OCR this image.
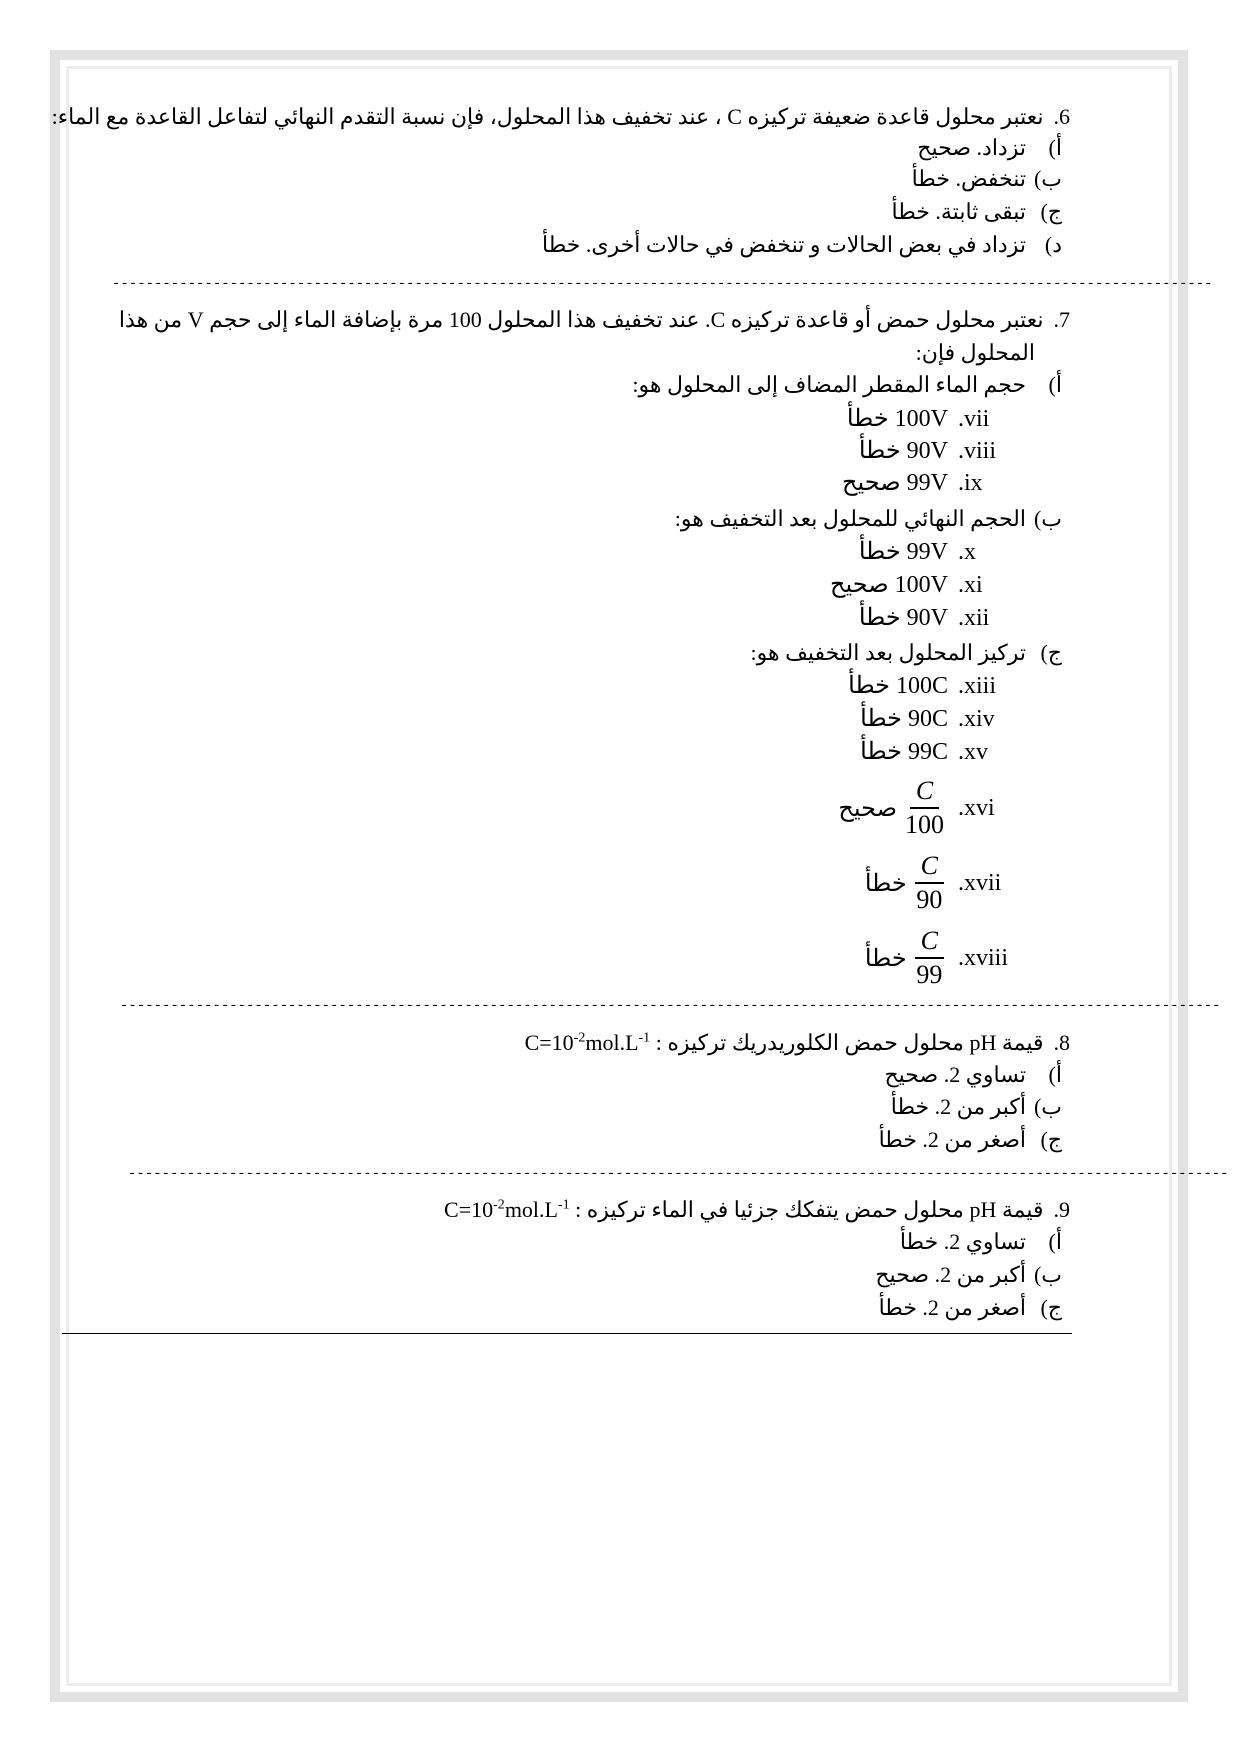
.6نعتبر محلول قاعدة ضعيفة تركيزه C ، عند تخفيف هذا المحلول، فإن نسبة التقدم النهائي لتفاعل القاعدة مع الماء:
أ)تزداد. صحيح
ب)تنخفض. خطأ
ج)تبقى ثابتة. خطأ
د)تزداد في بعض الحالات و تنخفض في حالات أخرى. خطأ
-----------------------------------------------------------------------------------------------------------------------------------
.7نعتبر محلول حمض أو قاعدة تركيزه C. عند تخفيف هذا المحلول 100 مرة بإضافة الماء إلى حجم V من هذا
المحلول فإن:
أ)حجم الماء المقطر المضاف إلى المحلول هو:
100V خطأ .vii
90V خطأ .viii
99V صحيح .ix
ب)الحجم النهائي للمحلول بعد التخفيف هو:
99V خطأ .x
100V صحيح .xi
90V خطأ .xii
ج)تركيز المحلول بعد التخفيف هو:
100C خطأ .xiii
90C خطأ .xiv
99C خطأ .xv
صحيح $\frac{C}{100} .xvi$
خطأ $\frac{C}{90}$ .xvii
خطأ $\frac{C}{99}$ .xviii
-----------------------------------------------------------------------------------------------------------------------------------
.8قيمة pH محلول حمض الكلوريدريك تركيزه $C=10^{-2}mol.L^{-1}$ :
أ)تساوي 2. صحيح
ب)أكبر من 2. خطأ
ج)أصغر من 2. خطأ
-----------------------------------------------------------------------------------------------------------------------------------
.9قيمة pH محلول حمض يتفكك جزئيا في الماء تركيزه $C=10^{-2}mol.L^{-1}$ :
أ)تساوي 2. خطأ
ب)أكبر من 2. صحيح
ج)أصغر من 2. خطأ
